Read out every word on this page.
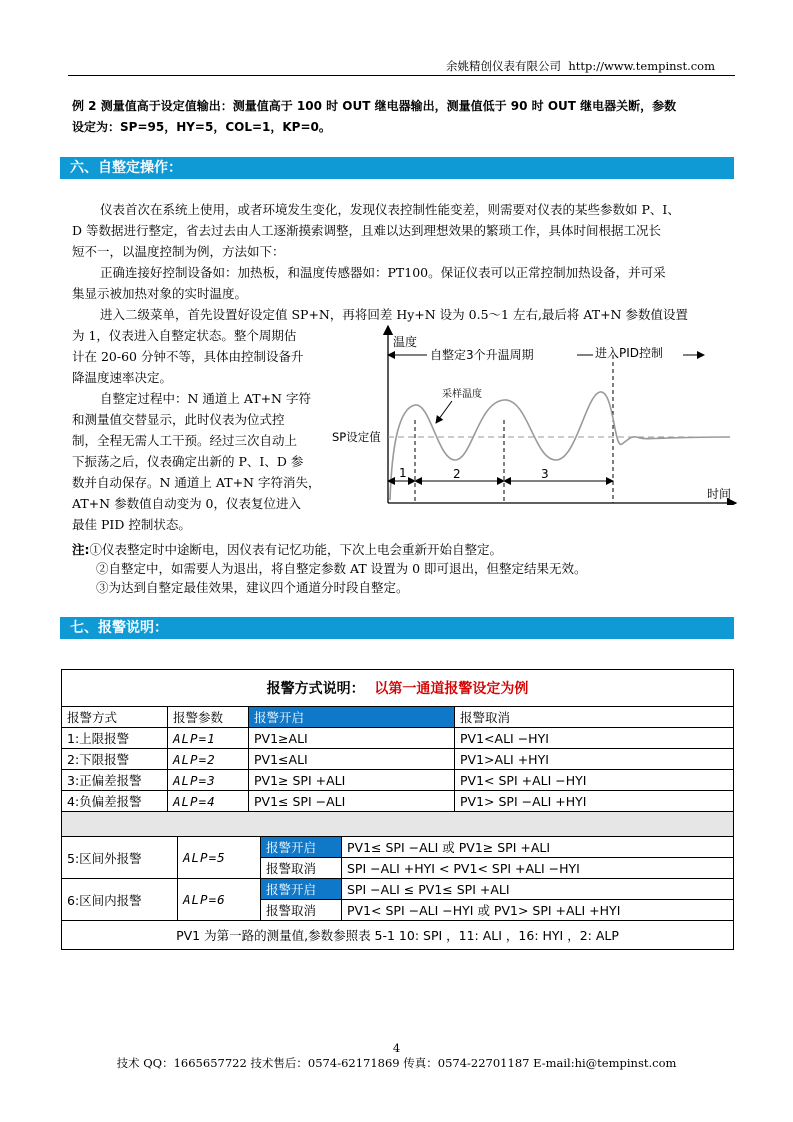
余姚精创仪表有限公司 http://www.tempinst.com
例 2 测量值高于设定值输出：测量值高于 100 时 OUT 继电器输出，测量值低于 90 时 OUT 继电器关断，参数
设定为：SP=95，HY=5，COL=1，KP=0。
六、自整定操作：
仪表首次在系统上使用，或者环境发生变化，发现仪表控制性能变差，则需要对仪表的某些参数如 P、I、
D 等数据进行整定，省去过去由人工逐渐摸索调整，且难以达到理想效果的繁琐工作，具体时间根据工况长
短不一，以温度控制为例，方法如下：
正确连接好控制设备如：加热板，和温度传感器如：PT100。保证仪表可以正常控制加热设备，并可采
集显示被加热对象的实时温度。
进入二级菜单，首先设置好设定值 SP+N，再将回差 Hy+N 设为 0.5～1 左右,最后将 AT+N 参数值设置
为 1，仪表进入自整定状态。整个周期估
计在 20-60 分钟不等，具体由控制设备升
降温度速率决定。
自整定过程中：N 通道上 AT+N 字符
和测量值交替显示，此时仪表为位式控
制，全程无需人工干预。经过三次自动上
下振荡之后，仪表确定出新的 P、I、D 参
数并自动保存。N 通道上 AT+N 字符消失，
AT+N 参数值自动变为 0，仪表复位进入
最佳 PID 控制状态。
温度
时间
SP设定值
自整定3个升温周期	进入PID控制
采样温度
1	2	3
注:①仪表整定时中途断电，因仪表有记忆功能，下次上电会重新开始自整定。
②自整定中，如需要人为退出，将自整定参数 AT 设置为 0 即可退出，但整定结果无效。
③为达到自整定最佳效果，建议四个通道分时段自整定。
七、报警说明：
报警方式说明： 以第一通道报警设定为例			
报警方式	报警参数	报警开启	报警取消
1:上限报警	ALP=1	PV1≥ALI	PV1<ALI −HYI
2:下限报警	ALP=2	PV1≤ALI	PV1>ALI +HYI
3:正偏差报警	ALP=3	PV1≥ SPI +ALI	PV1< SPI +ALI −HYI
4:负偏差报警	ALP=4	PV1≤ SPI −ALI	PV1> SPI −ALI +HYI

5:区间外报警	ALP=5	报警开启	PV1≤ SPI −ALI 或 PV1≥ SPI +ALI
		报警取消	SPI −ALI +HYI < PV1< SPI +ALI −HYI
6:区间内报警	ALP=6	报警开启	SPI −ALI ≤ PV1≤ SPI +ALI
		报警取消	PV1< SPI −ALI −HYI 或 PV1> SPI +ALI +HYI
PV1 为第一路的测量值,参数参照表 5-1 10: SPI ，11: ALI ，16: HYI ，2: ALP			
4
技术 QQ：1665657722 技术售后：0574-62171869 传真：0574-22701187 E-mail:hi@tempinst.com
